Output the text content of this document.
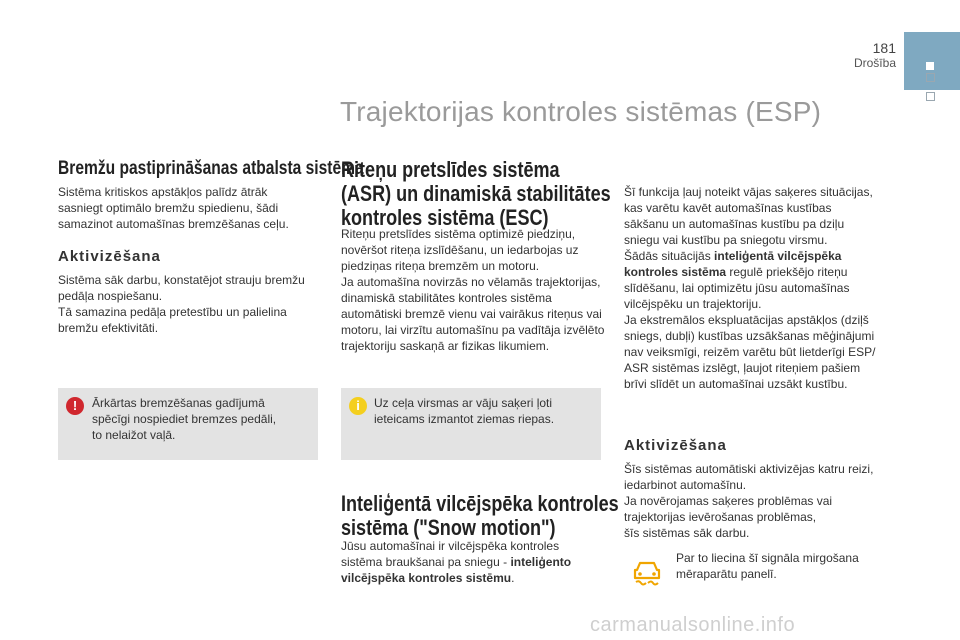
181
Drošība
Trajektorijas kontroles sistēmas (ESP)
Bremžu pastiprināšanas atbalsta sistēma
Sistēma kritiskos apstākļos palīdz ātrāk
sasniegt optimālo bremžu spiedienu, šādi
samazinot automašīnas bremzēšanas ceļu.
Aktivizēšana
Sistēma sāk darbu, konstatējot strauju bremžu
pedāļa nospiešanu.
Tā samazina pedāļa pretestību un palielina
bremžu efektivitāti.
!	Ārkārtas bremzēšanas gadījumā
spēcīgi nospiediet bremzes pedāli,
to nelaižot vaļā.
Riteņu pretslīdes sistēma
(ASR) un dinamiskā stabilitātes
kontroles sistēma (ESC)
Riteņu pretslīdes sistēma optimizē piedziņu,
novēršot riteņa izslīdēšanu, un iedarbojas uz
piedziņas riteņa bremzēm un motoru.
Ja automašīna novirzās no vēlamās trajektorijas,
dinamiskā stabilitātes kontroles sistēma
automātiski bremzē vienu vai vairākus riteņus vai
motoru, lai virzītu automašīnu pa vadītāja izvēlēto
trajektoriju saskaņā ar fizikas likumiem.
i	Uz ceļa virsmas ar vāju saķeri ļoti
ieteicams izmantot ziemas riepas.
Inteliģentā vilcējspēka kontroles
sistēma ("Snow motion")
Jūsu automašīnai ir vilcējspēka kontroles
sistēma braukšanai pa sniegu - inteliģento
vilcējspēka kontroles sistēmu.
Šī funkcija ļauj noteikt vājas saķeres situācijas,
kas varētu kavēt automašīnas kustības
sākšanu un automašīnas kustību pa dziļu
sniegu vai kustību pa sniegotu virsmu.
Šādās situācijās inteliģentā vilcējspēka
kontroles sistēma regulē priekšējo riteņu
slīdēšanu, lai optimizētu jūsu automašīnas
vilcējspēku un trajektoriju.
Ja ekstremālos ekspluatācijas apstākļos (dziļš
sniegs, dubļi) kustības uzsākšanas mēģinājumi
nav veiksmīgi, reizēm varētu būt lietderīgi ESP/
ASR sistēmas izslēgt, ļaujot riteņiem pašiem
brīvi slīdēt un automašīnai uzsākt kustību.
Aktivizēšana
Šīs sistēmas automātiski aktivizējas katru reizi,
iedarbinot automašīnu.
Ja novērojamas saķeres problēmas vai
trajektorijas ievērošanas problēmas,
šīs sistēmas sāk darbu.
Par to liecina šī signāla mirgošana
mēraparātu panelī.
carmanualsonline.info
